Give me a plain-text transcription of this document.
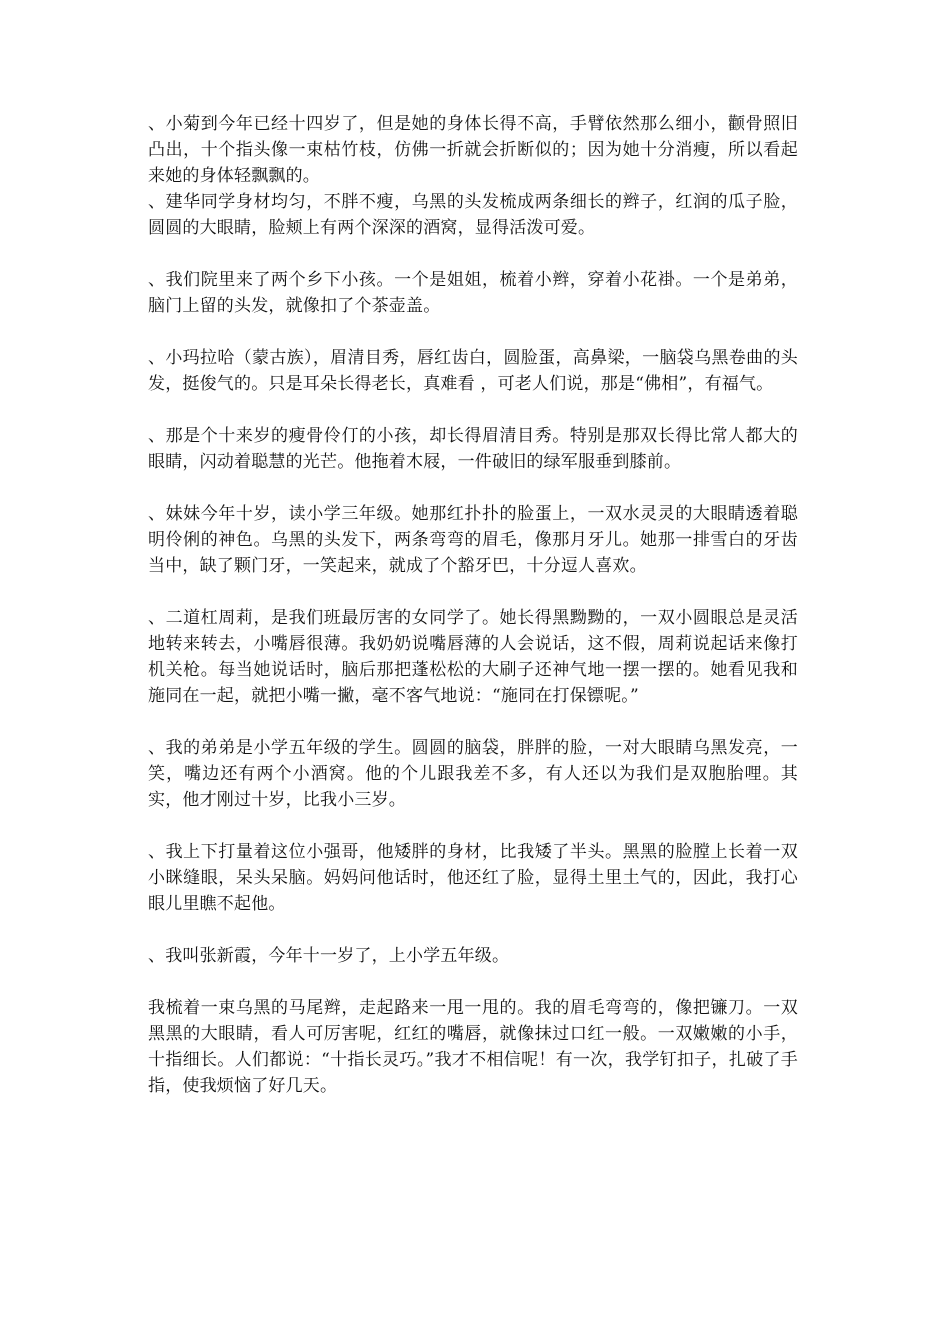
、小菊到今年已经十四岁了，但是她的身体长得不高，手臂依然那么细小，颧骨照旧凸出，十个指头像一束枯竹枝，仿佛一折就会折断似的；因为她十分消瘦，所以看起来她的身体轻飘飘的。

、建华同学身材均匀，不胖不瘦，乌黑的头发梳成两条细长的辫子，红润的瓜子脸，圆圆的大眼睛，脸颊上有两个深深的酒窝，显得活泼可爱。

、我们院里来了两个乡下小孩。一个是姐姐，梳着小辫，穿着小花褂。一个是弟弟，脑门上留的头发，就像扣了个茶壶盖。

、小玛拉哈（蒙古族），眉清目秀，唇红齿白，圆脸蛋，高鼻梁，一脑袋乌黑卷曲的头发，挺俊气的。只是耳朵长得老长，真难看 ，可老人们说，那是“佛相”，有福气。

、那是个十来岁的瘦骨伶仃的小孩，却长得眉清目秀。特别是那双长得比常人都大的眼睛，闪动着聪慧的光芒。他拖着木屐，一件破旧的绿军服垂到膝前。

、妹妹今年十岁，读小学三年级。她那红扑扑的脸蛋上，一双水灵灵的大眼睛透着聪明伶俐的神色。乌黑的头发下，两条弯弯的眉毛，像那月牙儿。她那一排雪白的牙齿当中，缺了颗门牙，一笑起来，就成了个豁牙巴，十分逗人喜欢。

、二道杠周莉，是我们班最厉害的女同学了。她长得黑黝黝的，一双小圆眼总是灵活地转来转去，小嘴唇很薄。我奶奶说嘴唇薄的人会说话，这不假，周莉说起话来像打机关枪。每当她说话时，脑后那把蓬松松的大刷子还神气地一摆一摆的。她看见我和施同在一起，就把小嘴一撇，毫不客气地说：“施同在打保镖呢。”

、我的弟弟是小学五年级的学生。圆圆的脑袋，胖胖的脸，一对大眼睛乌黑发亮，一笑，嘴边还有两个小酒窝。他的个儿跟我差不多，有人还以为我们是双胞胎哩。其实，他才刚过十岁，比我小三岁。

、我上下打量着这位小强哥，他矮胖的身材，比我矮了半头。黑黑的脸膛上长着一双小眯缝眼，呆头呆脑。妈妈问他话时，他还红了脸，显得土里土气的，因此，我打心眼儿里瞧不起他。

、我叫张新霞，今年十一岁了，上小学五年级。

我梳着一束乌黑的马尾辫，走起路来一甩一甩的。我的眉毛弯弯的，像把镰刀。一双黑黑的大眼睛，看人可厉害呢，红红的嘴唇，就像抹过口红一般。一双嫩嫩的小手，十指细长。人们都说：“十指长灵巧。”我才不相信呢！有一次，我学钉扣子，扎破了手指，使我烦恼了好几天。
